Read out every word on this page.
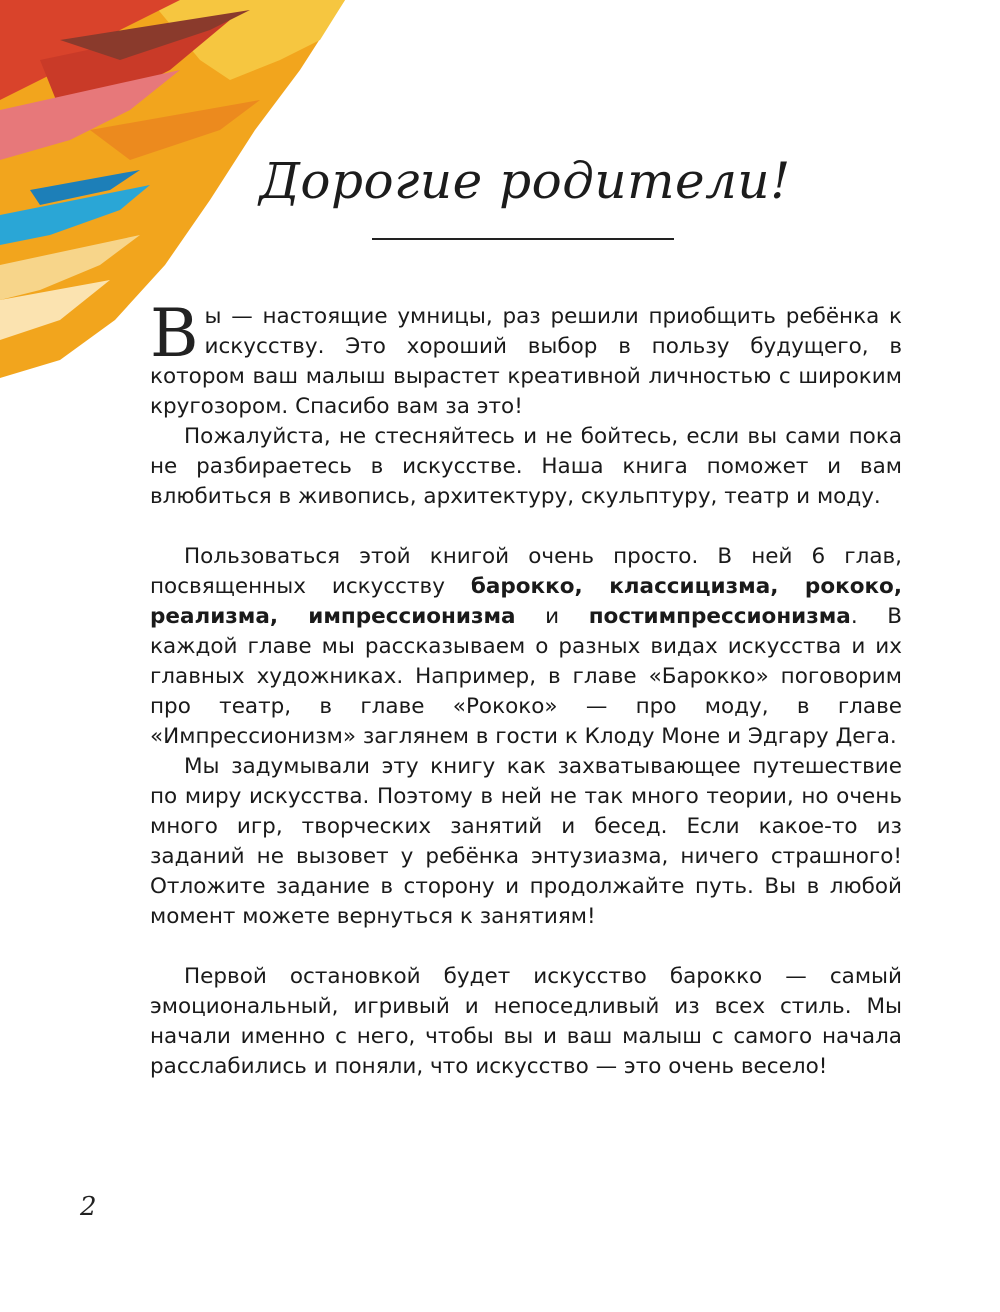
Дорогие родители!

Вы — настоящие умницы, раз решили приобщить ребёнка к искусству. Это хороший выбор в пользу будущего, в котором ваш малыш вырастет креативной личностью с широким кругозором. Спасибо вам за это!

Пожалуйста, не стесняйтесь и не бойтесь, если вы сами пока не разбираетесь в искусстве. Наша книга поможет и вам влюбиться в живопись, архитектуру, скульптуру, театр и моду.

Пользоваться этой книгой очень просто. В ней 6 глав, посвященных искусству барокко, классицизма, рококо, реализма, импрессионизма и постимпрессионизма. В каждой главе мы рассказываем о разных видах искусства и их главных художниках. Например, в главе «Барокко» поговорим про театр, в главе «Рококо» — про моду, в главе «Импрессионизм» заглянем в гости к Клоду Моне и Эдгару Дега.

Мы задумывали эту книгу как захватывающее путешествие по миру искусства. Поэтому в ней не так много теории, но очень много игр, творческих занятий и бесед. Если какое-то из заданий не вызовет у ребёнка энтузиазма, ничего страшного! Отложите задание в сторону и продолжайте путь. Вы в любой момент можете вернуться к занятиям!

Первой остановкой будет искусство барокко — самый эмоциональный, игривый и непоседливый из всех стиль. Мы начали именно с него, чтобы вы и ваш малыш с самого начала расслабились и поняли, что искусство — это очень весело!

2
